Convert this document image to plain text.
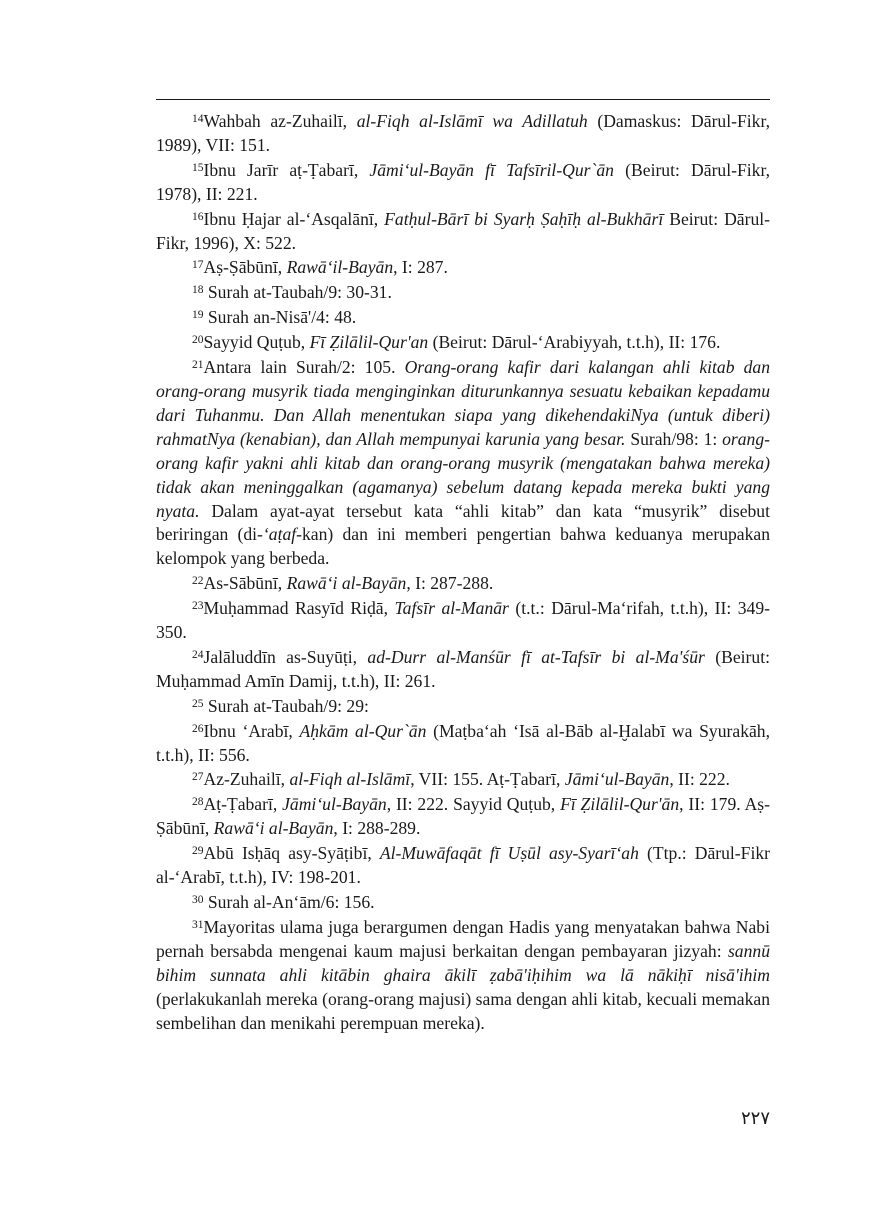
$^{14}$Wahbah az-Zuhailī, al-Fiqh al-Islāmī wa Adillatuh (Damaskus: Dārul-Fikr, 1989), VII: 151.

$^{15}$Ibnu Jarīr aṭ-Ṭabarī, Jāmi‘ul-Bayān fī Tafsīril-Qur`ān (Beirut: Dārul-Fikr, 1978), II: 221.

$^{16}$Ibnu Ḥajar al-‘Asqalānī, Fatḥul-Bārī bi Syarḥ Ṣaḥīḥ al-Bukhārī Beirut: Dārul-Fikr, 1996), X: 522.

$^{17}$Aṣ-Ṣābūnī, Rawā‘il-Bayān, I: 287.

$^{18}$ Surah at-Taubah/9: 30-31.

$^{19}$ Surah an-Nisā'/4: 48.

$^{20}$Sayyid Quṭub, Fī Ẓilālil-Qur'an (Beirut: Dārul-‘Arabiyyah, t.t.h), II: 176.

$^{21}$Antara lain Surah/2: 105. Orang-orang kafir dari kalangan ahli kitab dan orang-orang musyrik tiada menginginkan diturunkannya sesuatu kebaikan kepadamu dari Tuhanmu. Dan Allah menentukan siapa yang dikehendakiNya (untuk diberi) rahmatNya (kenabian), dan Allah mempunyai karunia yang besar. Surah/98: 1: orang-orang kafir yakni ahli kitab dan orang-orang musyrik (mengatakan bahwa mereka) tidak akan meninggalkan (agamanya) sebelum datang kepada mereka bukti yang nyata. Dalam ayat-ayat tersebut kata “ahli kitab” dan kata “musyrik” disebut beriringan (di-‘aṭaf-kan) dan ini memberi pengertian bahwa keduanya merupakan kelompok yang berbeda.

$^{22}$As-Sābūnī, Rawā‘i al-Bayān, I: 287-288.

$^{23}$Muḥammad Rasyīd Riḍā, Tafsīr al-Manār (t.t.: Dārul-Ma‘rifah, t.t.h), II: 349-350.

$^{24}$Jalāluddīn as-Suyūṭi, ad-Durr al-Manśūr fī at-Tafsīr bi al-Ma'śūr (Beirut: Muḥammad Amīn Damij, t.t.h), II: 261.

$^{25}$ Surah at-Taubah/9: 29:

$^{26}$Ibnu ‘Arabī, Aḥkām al-Qur`ān (Maṭba‘ah ‘Isā al-Bāb al-Ḫalabī wa Syurakāh, t.t.h), II: 556.

$^{27}$Az-Zuhailī, al-Fiqh al-Islāmī, VII: 155. Aṭ-Ṭabarī, Jāmi‘ul-Bayān, II: 222.

$^{28}$Aṭ-Ṭabarī, Jāmi‘ul-Bayān, II: 222. Sayyid Quṭub, Fī Ẓilālil-Qur'ān, II: 179. Aṣ-Ṣābūnī, Rawā‘i al-Bayān, I: 288-289.

$^{29}$Abū Isḥāq asy-Syāṭibī, Al-Muwāfaqāt fī Uṣūl asy-Syarī‘ah (Ttp.: Dārul-Fikr al-‘Arabī, t.t.h), IV: 198-201.

$^{30}$ Surah al-An‘ām/6: 156.

$^{31}$Mayoritas ulama juga berargumen dengan Hadis yang menyatakan bahwa Nabi pernah bersabda mengenai kaum majusi berkaitan dengan pembayaran jizyah: sannū bihim sunnata ahli kitābin ghaira ākilī ẓabā'iḥihim wa lā nākiḥī nisā'ihim (perlakukanlah mereka (orang-orang majusi) sama dengan ahli kitab, kecuali memakan sembelihan dan menikahi perempuan mereka).

٢٢٧
